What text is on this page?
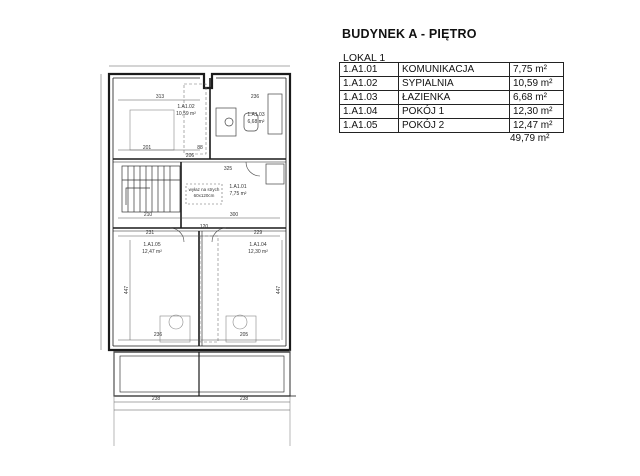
1.A1.02
10,59 m²	1.A1.03
6,68 m²
1.A1.01
7,75 m²
1.A1.05
12,47 m²
1.A1.04
12,30 m²
wyłaz na strych
60x120cm
313	236
201
206
88
325
210	300
231	229
120
236	205
238	238
447	447
BUDYNEK A - PIĘTRO
LOKAL 1
1.A1.01	KOMUNIKACJA	7,75 m²
1.A1.02	SYPIALNIA	10,59 m²
1.A1.03	ŁAZIENKA	6,68 m²
1.A1.04	POKÓJ 1	12,30 m²
1.A1.05	POKÓJ 2	12,47 m²
49,79 m²
